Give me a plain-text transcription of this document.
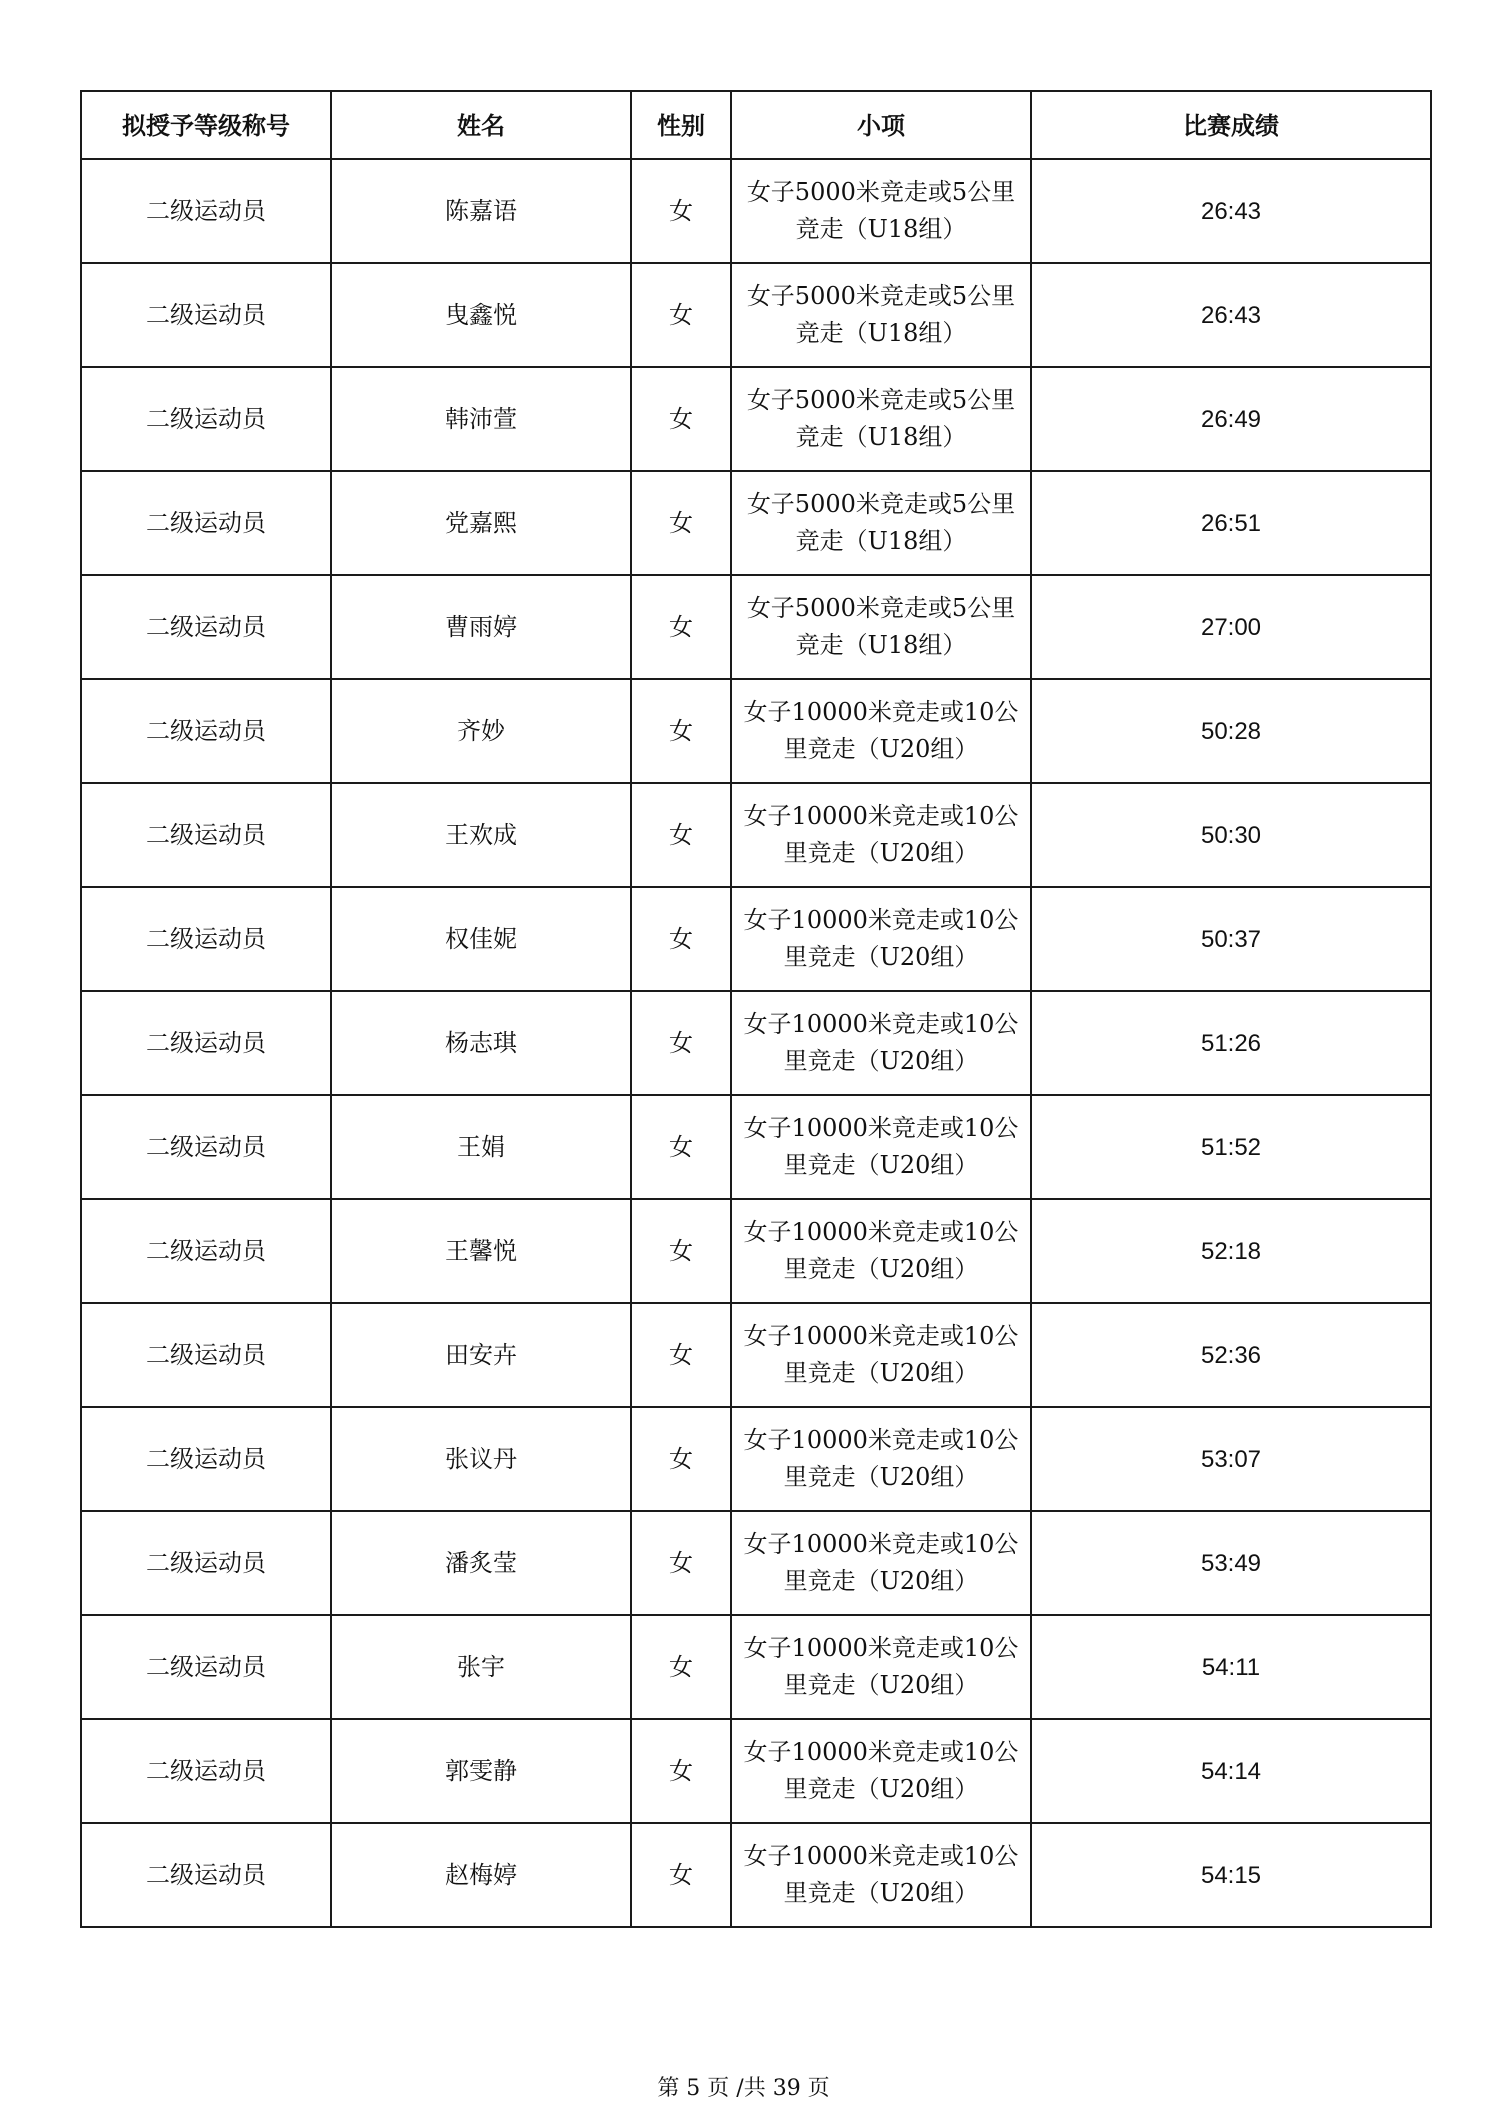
拟授予等级称号	姓名	性别	小项	比赛成绩
二级运动员	陈嘉语	女	女子5000米竞走或5公里竞走（U18组）	26:43
二级运动员	曳鑫悦	女	女子5000米竞走或5公里竞走（U18组）	26:43
二级运动员	韩沛萱	女	女子5000米竞走或5公里竞走（U18组）	26:49
二级运动员	党嘉熙	女	女子5000米竞走或5公里竞走（U18组）	26:51
二级运动员	曹雨婷	女	女子5000米竞走或5公里竞走（U18组）	27:00
二级运动员	齐妙	女	女子10000米竞走或10公里竞走（U20组）	50:28
二级运动员	王欢成	女	女子10000米竞走或10公里竞走（U20组）	50:30
二级运动员	权佳妮	女	女子10000米竞走或10公里竞走（U20组）	50:37
二级运动员	杨志琪	女	女子10000米竞走或10公里竞走（U20组）	51:26
二级运动员	王娟	女	女子10000米竞走或10公里竞走（U20组）	51:52
二级运动员	王馨悦	女	女子10000米竞走或10公里竞走（U20组）	52:18
二级运动员	田安卉	女	女子10000米竞走或10公里竞走（U20组）	52:36
二级运动员	张议丹	女	女子10000米竞走或10公里竞走（U20组）	53:07
二级运动员	潘炙莹	女	女子10000米竞走或10公里竞走（U20组）	53:49
二级运动员	张宇	女	女子10000米竞走或10公里竞走（U20组）	54:11
二级运动员	郭雯静	女	女子10000米竞走或10公里竞走（U20组）	54:14
二级运动员	赵梅婷	女	女子10000米竞走或10公里竞走（U20组）	54:15
第 5 页 /共 39 页
